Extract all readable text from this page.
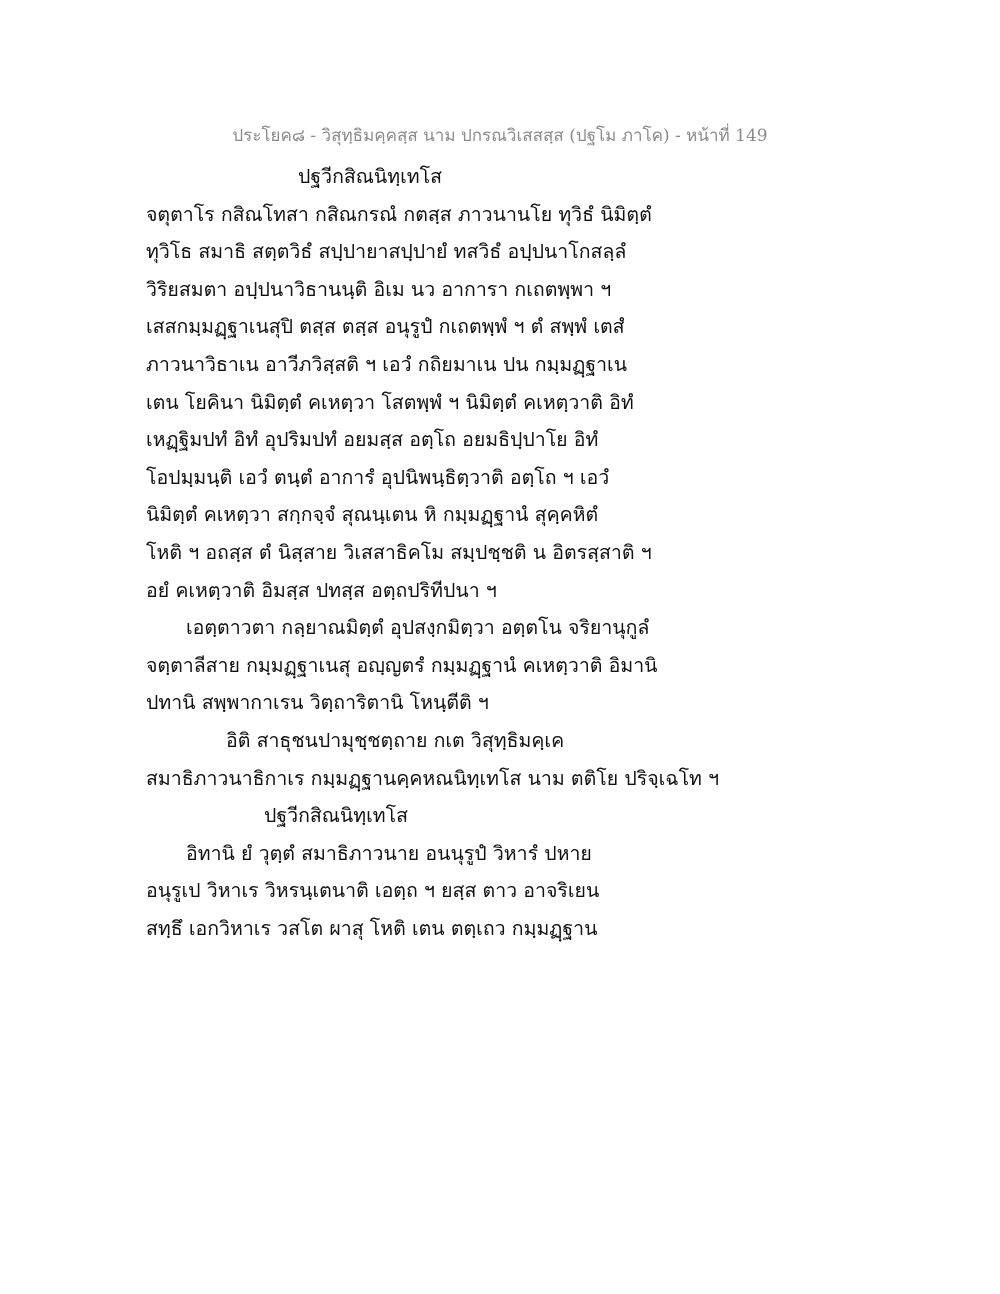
ประโยค๘ - วิสุทฺธิมคฺคสฺส นาม ปกรณวิเสสสฺส (ปฐโม ภาโค) - หน้าที่ 149
ปฐวีกสิณนิทฺเทโส
จตุตาโร กสิณโทสา กสิณกรณํ กตสฺส ภาวนานโย ทุวิธํ นิมิตฺตํ
ทุวิโธ สมาธิ สตฺตวิธํ สปฺปายาสปฺปายํ ทสวิธํ อปฺปนาโกสลฺลํ
วิริยสมตา อปฺปนาวิธานนฺติ อิเม นว อาการา กเถตพฺพา ฯ
เสสกมฺมฏฺฐาเนสุปิ ตสฺส ตสฺส อนุรูปํ กเถตพฺพํ ฯ ตํ สพฺพํ เตสํ
ภาวนาวิธาเน อาวีภวิสฺสติ ฯ เอวํ กถิยมาเน ปน กมฺมฏฺฐาเน
เตน โยคินา นิมิตฺตํ คเหตฺวา โสตพฺพํ ฯ นิมิตฺตํ คเหตฺวาติ อิทํ
เหฏฺฐิมปทํ อิทํ อุปริมปทํ อยมสฺส อตฺโถ อยมธิปฺปาโย อิทํ
โอปมฺมนฺติ เอวํ ตนฺตํ อาการํ อุปนิพนฺธิตฺวาติ อตฺโถ ฯ เอวํ
นิมิตฺตํ คเหตฺวา สกฺกจฺจํ สุณนฺเตน หิ กมฺมฏฺฐานํ สุคฺคหิตํ
โหติ ฯ อถสฺส ตํ นิสฺสาย วิเสสาธิคโม สมฺปชฺชติ น อิตรสฺสาติ ฯ
อยํ คเหตฺวาติ อิมสฺส ปทสฺส อตฺถปริทีปนา ฯ
เอตฺตาวตา กลฺยาณมิตฺตํ อุปสงฺกมิตฺวา อตฺตโน จริยานุกูลํ
จตฺตาลีสาย กมฺมฏฺฐาเนสุ อญฺญตรํ กมฺมฏฺฐานํ คเหตฺวาติ อิมานิ
ปทานิ สพฺพากาเรน วิตฺถาริตานิ โหนฺตีติ ฯ
อิติ สาธุชนปามุชฺชตฺถาย กเต วิสุทฺธิมคฺเค
สมาธิภาวนาธิกาเร กมฺมฏฺฐานคฺคหณนิทฺเทโส นาม ตติโย ปริจฺเฉโท ฯ
ปฐวีกสิณนิทฺเทโส
อิทานิ ยํ วุตฺตํ สมาธิภาวนาย อนนุรูปํ วิหารํ ปหาย
อนุรูเป วิหาเร วิหรนฺเตนาติ เอตฺถ ฯ ยสฺส ตาว อาจริเยน
สทฺธึ เอกวิหาเร วสโต ผาสุ โหติ เตน ตตฺเถว กมฺมฏฺฐาน
